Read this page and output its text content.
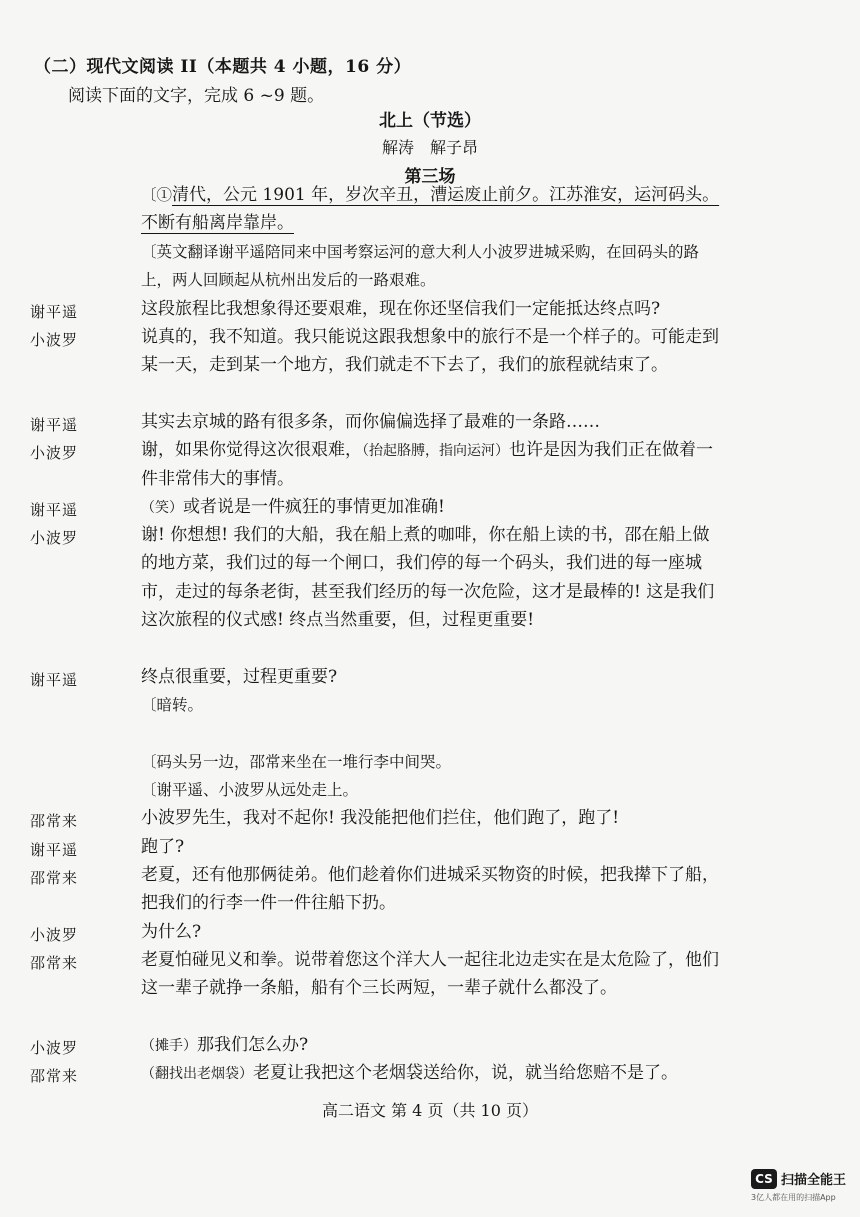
（二）现代文阅读 II（本题共 4 小题，16 分）
阅读下面的文字，完成 6 ~9 题。
北上（节选）
解涛　解子昂
第三场
〔①清代，公元 1901 年，岁次辛丑，漕运废止前夕。江苏淮安，运河码头。不断有船离岸靠岸。
〔英文翻译谢平遥陪同来中国考察运河的意大利人小波罗进城采购，在回码头的路上，两人回顾起从杭州出发后的一路艰难。
谢平遥	这段旅程比我想象得还要艰难，现在你还坚信我们一定能抵达终点吗?
小波罗	说真的，我不知道。我只能说这跟我想象中的旅行不是一个样子的。可能走到某一天，走到某一个地方，我们就走不下去了，我们的旅程就结束了。
谢平遥	其实去京城的路有很多条，而你偏偏选择了最难的一条路……
小波罗	谢，如果你觉得这次很艰难，（抬起胳膊，指向运河）也许是因为我们正在做着一件非常伟大的事情。
谢平遥	（笑）或者说是一件疯狂的事情更加准确!
小波罗	谢! 你想想! 我们的大船，我在船上煮的咖啡，你在船上读的书，邵在船上做的地方菜，我们过的每一个闸口，我们停的每一个码头，我们进的每一座城市，走过的每条老街，甚至我们经历的每一次危险，这才是最棒的! 这是我们这次旅程的仪式感! 终点当然重要，但，过程更重要!
谢平遥	终点很重要，过程更重要?
〔暗转。
〔码头另一边，邵常来坐在一堆行李中间哭。
〔谢平遥、小波罗从远处走上。
邵常来	小波罗先生，我对不起你! 我没能把他们拦住，他们跑了，跑了!
谢平遥	跑了?
邵常来	老夏，还有他那俩徒弟。他们趁着你们进城采买物资的时候，把我撵下了船，把我们的行李一件一件往船下扔。
小波罗	为什么?
邵常来	老夏怕碰见义和拳。说带着您这个洋大人一起往北边走实在是太危险了，他们这一辈子就挣一条船，船有个三长两短，一辈子就什么都没了。
小波罗	（摊手）那我们怎么办?
邵常来	（翻找出老烟袋）老夏让我把这个老烟袋送给你，说，就当给您赔不是了。
高二语文 第 4 页（共 10 页）
CS 扫描全能王
3亿人都在用的扫描App
